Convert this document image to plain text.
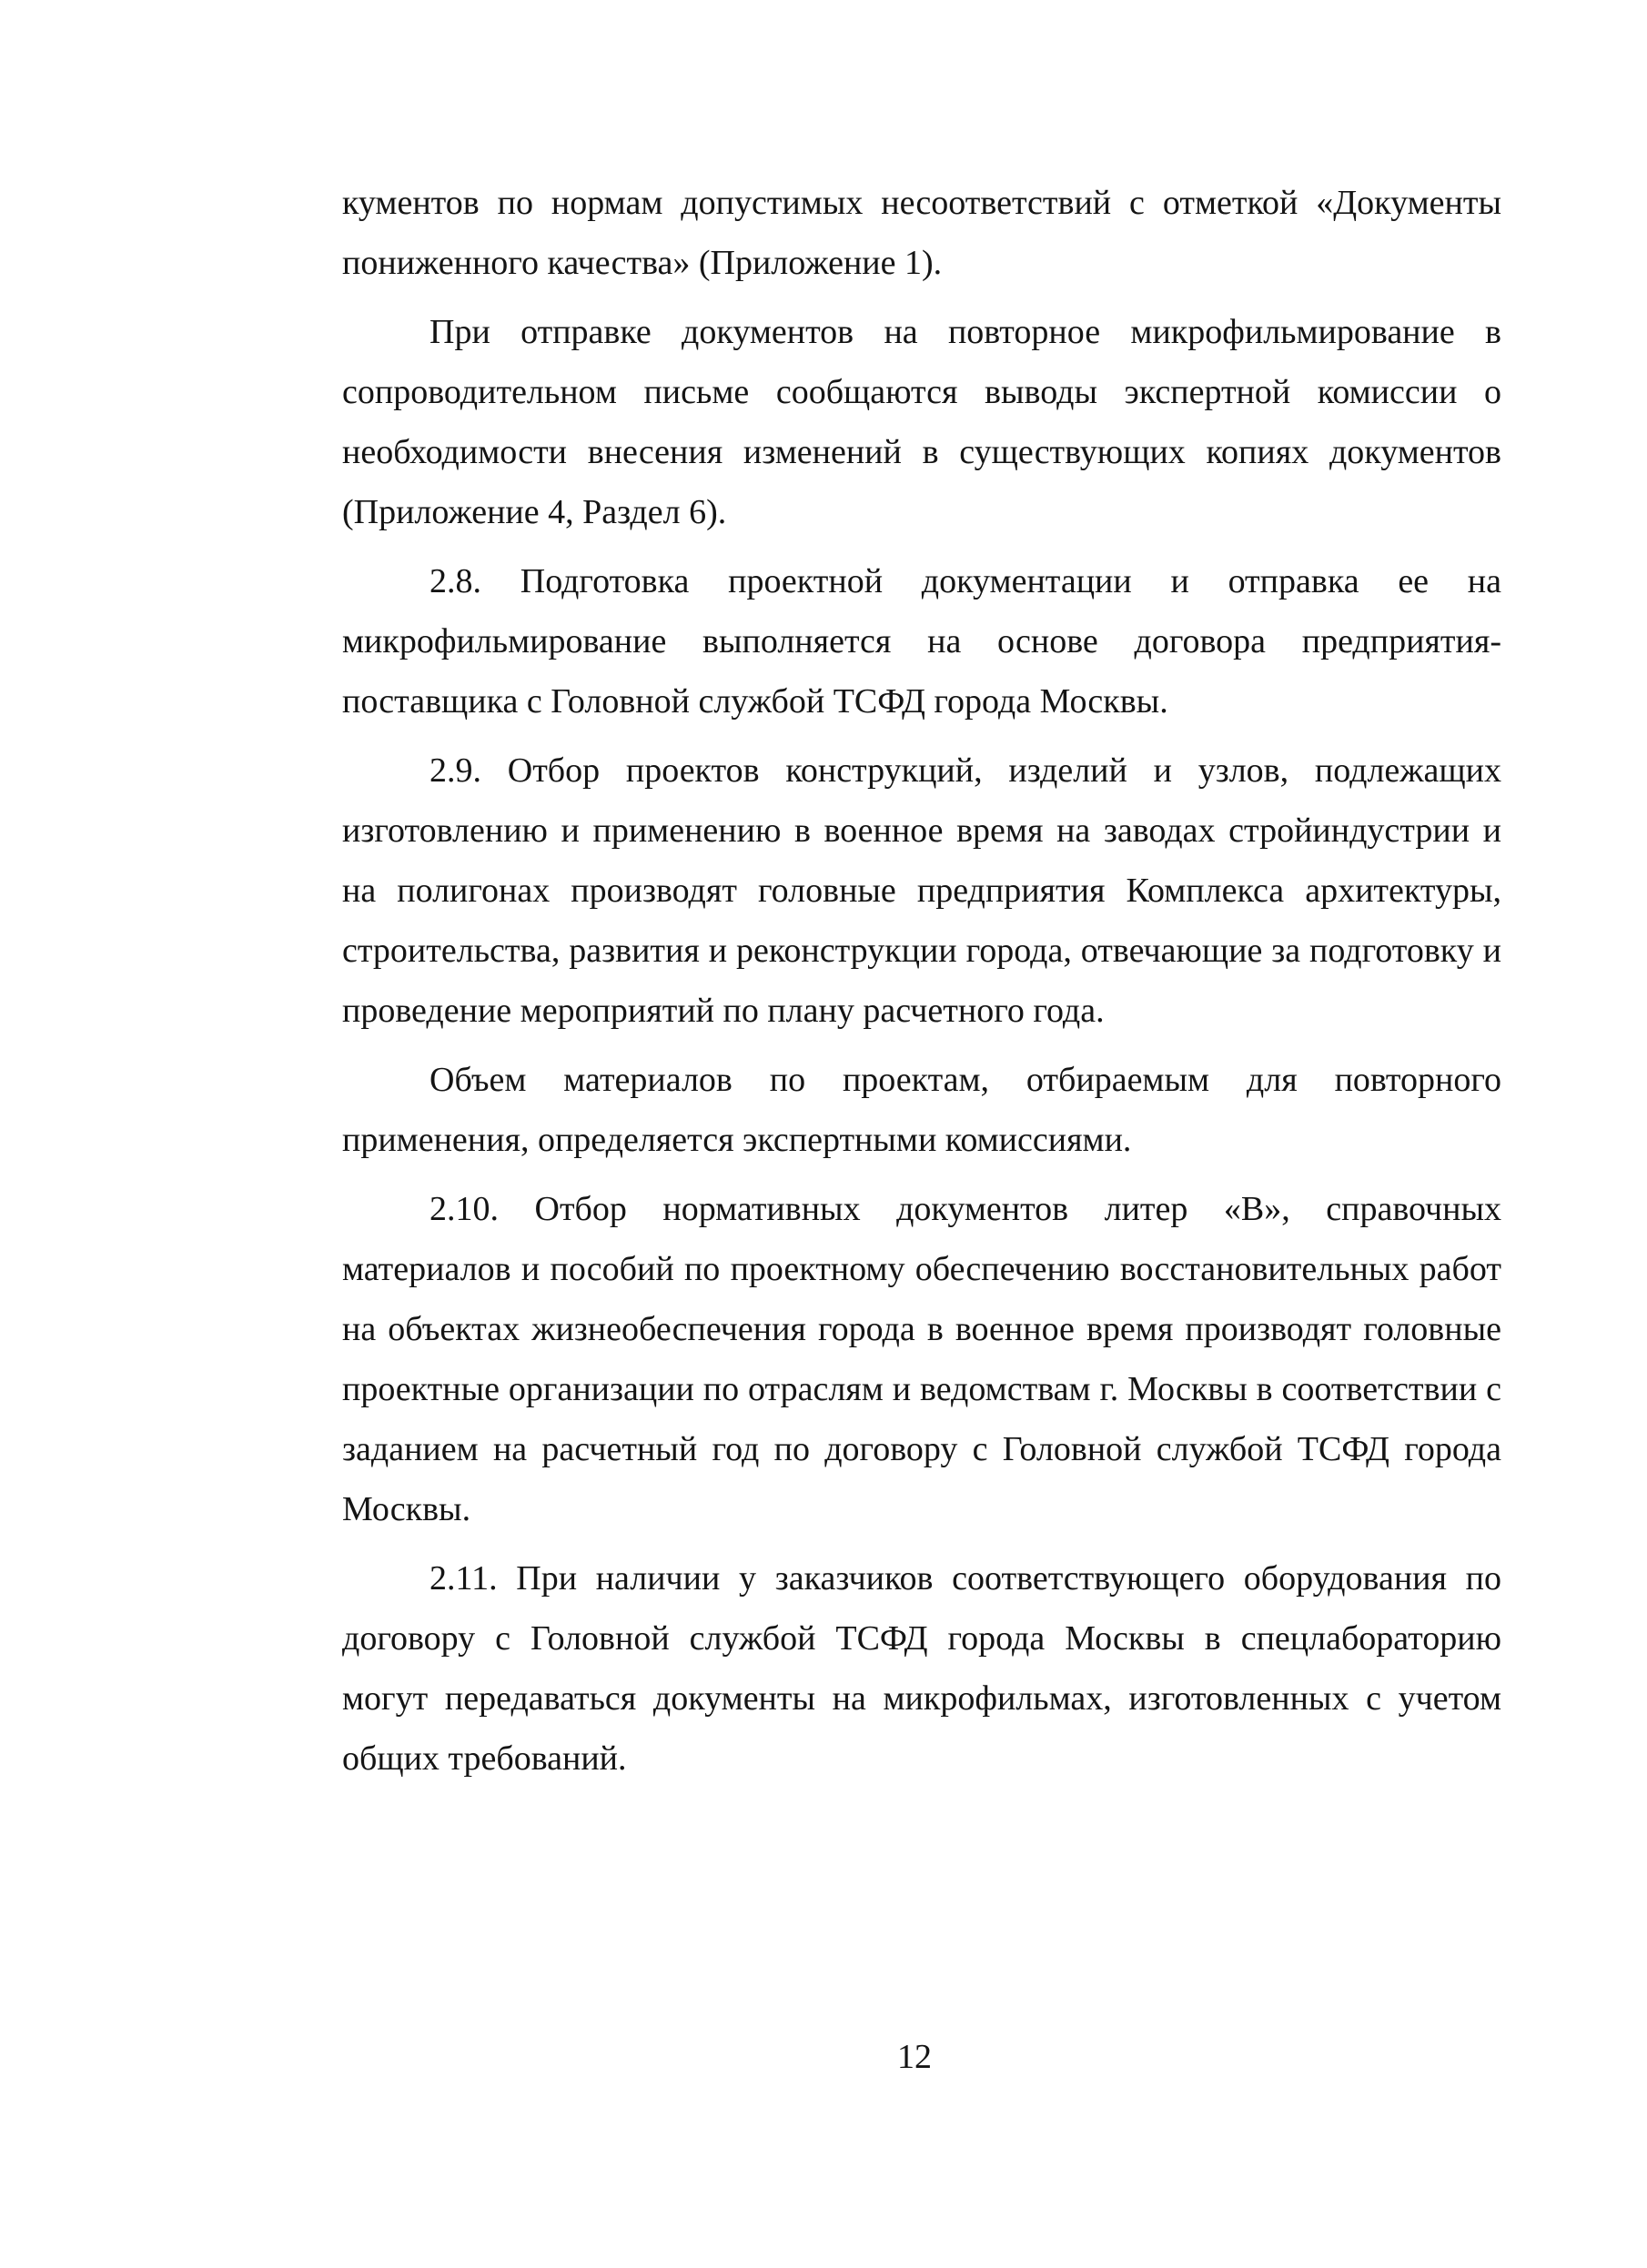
кументов по нормам допустимых несоответствий с отметкой «Документы пониженного качества» (Приложение 1).

При отправке документов на повторное микрофильмирование в сопроводительном письме сообщаются выводы экспертной комиссии о необходимости внесения изменений в существующих копиях документов (Приложение 4, Раздел 6).

2.8. Подготовка проектной документации и отправка ее на микрофильмирование выполняется на основе договора предприятия-поставщика с Головной службой ТСФД города Москвы.

2.9. Отбор проектов конструкций, изделий и узлов, подлежащих изготовлению и применению в военное время на заводах стройиндустрии и на полигонах производят головные предприятия Комплекса архитектуры, строительства, развития и реконструкции города, отвечающие за подготовку и проведение мероприятий по плану расчетного года.

Объем материалов по проектам, отбираемым для повторного применения, определяется экспертными комиссиями.

2.10. Отбор нормативных документов литер «В», справочных материалов и пособий по проектному обеспечению восстановительных работ на объектах жизнеобеспечения города в военное время производят головные проектные организации по отраслям и ведомствам г. Москвы в соответствии с заданием на расчетный год по договору с Головной службой ТСФД города Москвы.

2.11. При наличии у заказчиков соответствующего оборудования по договору с Головной службой ТСФД города Москвы в спецлабораторию могут передаваться документы на микрофильмах, изготовленных с учетом общих требований.

12
